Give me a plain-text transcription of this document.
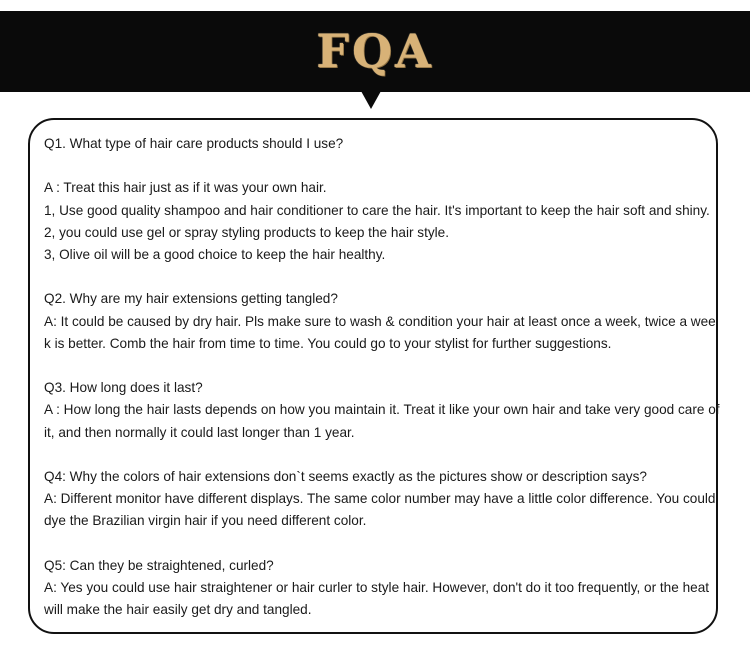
FQA
Q1. What type of hair care products should I use?
A : Treat this hair just as if it was your own hair.
1, Use good quality shampoo and hair conditioner to care the hair. It's important to keep the hair soft and shiny.
2, you could use gel or spray styling products to keep the hair style.
3, Olive oil will be a good choice to keep the hair healthy.
Q2. Why are my hair extensions getting tangled?
A: It could be caused by dry hair. Pls make sure to wash & condition your hair at least once a week, twice a wee
k is better. Comb the hair from time to time. You could go to your stylist for further suggestions.
Q3. How long does it last?
A : How long the hair lasts depends on how you maintain it. Treat it like your own hair and take very good care of
it, and then normally it could last longer than 1 year.
Q4: Why the colors of hair extensions don`t seems exactly as the pictures show or description says?
A: Different monitor have different displays. The same color number may have a little color difference. You could
dye the Brazilian virgin hair if you need different color.
Q5: Can they be straightened, curled?
A: Yes you could use hair straightener or hair curler to style hair. However, don't do it too frequently, or the heat
will make the hair easily get dry and tangled.
